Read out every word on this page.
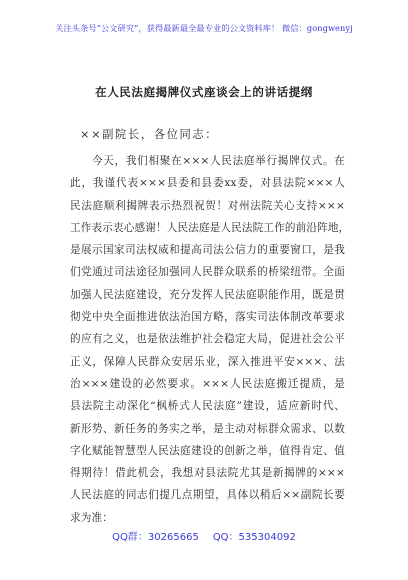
关注头条号“公文研究”，获得最新最全最专业的公文资料库！ 微信：gongwenyj
在人民法庭揭牌仪式座谈会上的讲话提纲
××副院长，各位同志：
今天，我们相聚在×××人民法庭举行揭牌仪式。在
此，我谨代表×××县委和县委xx委，对县法院×××人
民法庭顺利揭牌表示热烈祝贺！对州法院关心支持×××
工作表示衷心感谢！人民法庭是人民法院工作的前沿阵地，
是展示国家司法权威和提高司法公信力的重要窗口，是我
们党通过司法途径加强同人民群众联系的桥梁纽带。全面
加强人民法庭建设，充分发挥人民法庭职能作用，既是贯
彻党中央全面推进依法治国方略，落实司法体制改革要求
的应有之义，也是依法维护社会稳定大局，促进社会公平
正义，保障人民群众安居乐业，深入推进平安×××、法
治×××建设的必然要求。×××人民法庭搬迁提质，是
县法院主动深化“枫桥式人民法庭”建设，适应新时代、
新形势、新任务的务实之举，是主动对标群众需求、以数
字化赋能智慧型人民法庭建设的创新之举，值得肯定、值
得期待！借此机会，我想对县法院尤其是新揭牌的×××
人民法庭的同志们提几点期望，具体以稍后××副院长要
求为准：
QQ群：30265665 QQ：535304092
